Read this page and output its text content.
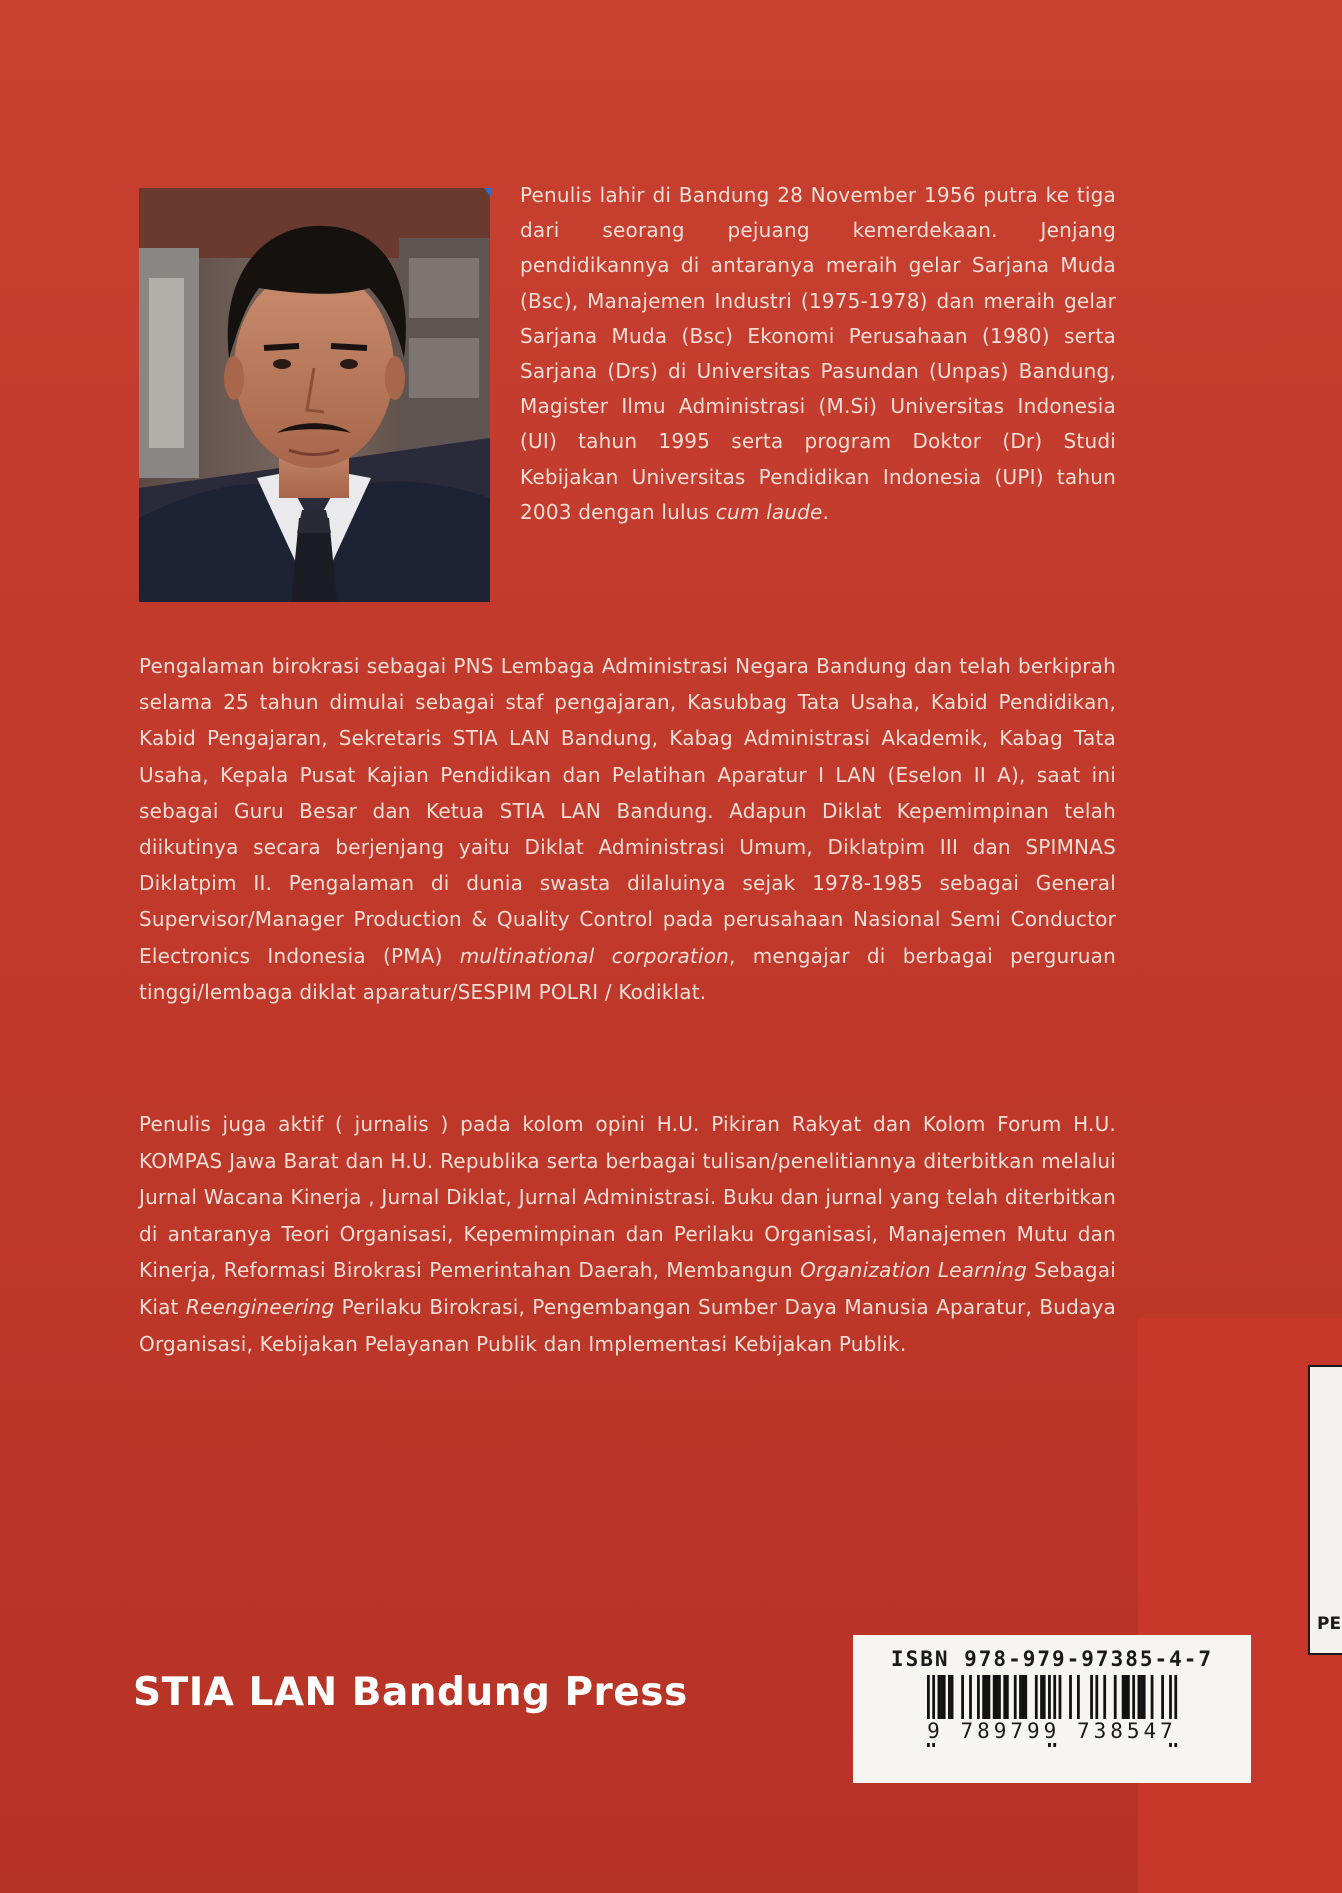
Penulis lahir di Bandung 28 November 1956 putra ke tiga dari seorang pejuang kemerdekaan. Jenjang pendidikannya di antaranya meraih gelar Sarjana Muda (Bsc), Manajemen Industri (1975-1978) dan meraih gelar Sarjana Muda (Bsc) Ekonomi Perusahaan (1980) serta Sarjana (Drs) di Universitas Pasundan (Unpas) Bandung, Magister Ilmu Administrasi (M.Si) Universitas Indonesia (UI) tahun 1995 serta program Doktor (Dr) Studi Kebijakan Universitas Pendidikan Indonesia (UPI) tahun 2003 dengan lulus cum laude.
Pengalaman birokrasi sebagai PNS Lembaga Administrasi Negara Bandung dan telah berkiprah selama 25 tahun dimulai sebagai staf pengajaran, Kasubbag Tata Usaha, Kabid Pendidikan, Kabid Pengajaran, Sekretaris STIA LAN Bandung, Kabag Administrasi Akademik, Kabag Tata Usaha, Kepala Pusat Kajian Pendidikan dan Pelatihan Aparatur I LAN (Eselon II A), saat ini sebagai Guru Besar dan Ketua STIA LAN Bandung. Adapun Diklat Kepemimpinan telah diikutinya secara berjenjang yaitu Diklat Administrasi Umum, Diklatpim III dan SPIMNAS Diklatpim II. Pengalaman di dunia swasta dilaluinya sejak 1978-1985 sebagai General Supervisor/Manager Production & Quality Control pada perusahaan Nasional Semi Conductor Electronics Indonesia (PMA) multinational corporation, mengajar di berbagai perguruan tinggi/lembaga diklat aparatur/SESPIM POLRI / Kodiklat.
Penulis juga aktif ( jurnalis ) pada kolom opini H.U. Pikiran Rakyat dan Kolom Forum H.U. KOMPAS Jawa Barat dan H.U. Republika serta berbagai tulisan/penelitiannya diterbitkan melalui Jurnal Wacana Kinerja , Jurnal Diklat, Jurnal Administrasi. Buku dan jurnal yang telah diterbitkan di antaranya Teori Organisasi, Kepemimpinan dan Perilaku Organisasi, Manajemen Mutu dan Kinerja, Reformasi Birokrasi Pemerintahan Daerah, Membangun Organization Learning Sebagai Kiat Reengineering Perilaku Birokrasi, Pengembangan Sumber Daya Manusia Aparatur, Budaya Organisasi, Kebijakan Pelayanan Publik dan Implementasi Kebijakan Publik.
PE
STIA LAN Bandung Press
ISBN 978-979-97385-4-7
9 789799 738547
